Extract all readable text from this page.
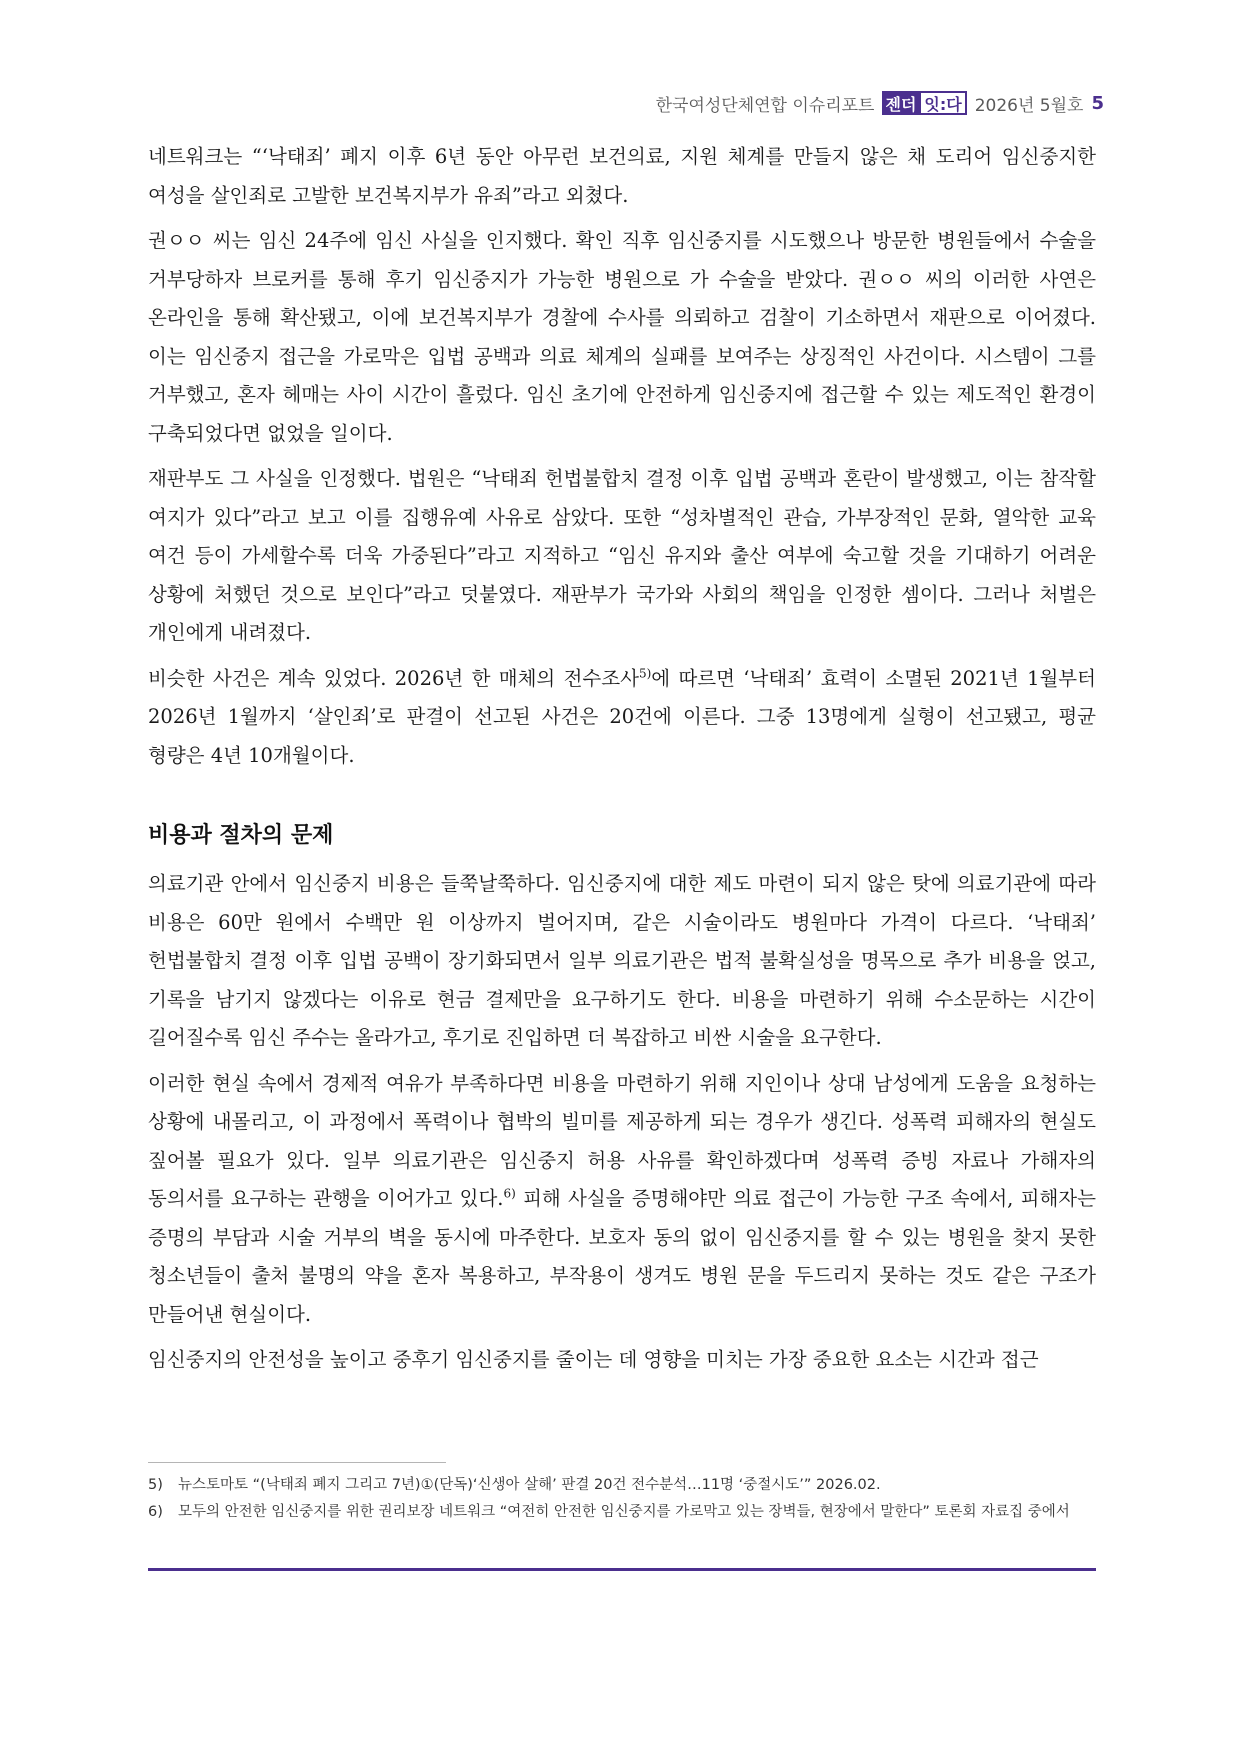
한국여성단체연합 이슈리포트 젠더 잇:다 2026년 5월호 5

네트워크는 “‘낙태죄’ 폐지 이후 6년 동안 아무런 보건의료, 지원 체계를 만들지 않은 채 도리어 임신중지한 여성을 살인죄로 고발한 보건복지부가 유죄”라고 외쳤다.

권ㅇㅇ 씨는 임신 24주에 임신 사실을 인지했다. 확인 직후 임신중지를 시도했으나 방문한 병원들에서 수술을 거부당하자 브로커를 통해 후기 임신중지가 가능한 병원으로 가 수술을 받았다. 권ㅇㅇ 씨의 이러한 사연은 온라인을 통해 확산됐고, 이에 보건복지부가 경찰에 수사를 의뢰하고 검찰이 기소하면서 재판으로 이어졌다. 이는 임신중지 접근을 가로막은 입법 공백과 의료 체계의 실패를 보여주는 상징적인 사건이다. 시스템이 그를 거부했고, 혼자 헤매는 사이 시간이 흘렀다. 임신 초기에 안전하게 임신중지에 접근할 수 있는 제도적인 환경이 구축되었다면 없었을 일이다.

재판부도 그 사실을 인정했다. 법원은 “낙태죄 헌법불합치 결정 이후 입법 공백과 혼란이 발생했고, 이는 참작할 여지가 있다”라고 보고 이를 집행유예 사유로 삼았다. 또한 “성차별적인 관습, 가부장적인 문화, 열악한 교육 여건 등이 가세할수록 더욱 가중된다”라고 지적하고 “임신 유지와 출산 여부에 숙고할 것을 기대하기 어려운 상황에 처했던 것으로 보인다”라고 덧붙였다. 재판부가 국가와 사회의 책임을 인정한 셈이다. 그러나 처벌은 개인에게 내려졌다.

비슷한 사건은 계속 있었다. 2026년 한 매체의 전수조사$^{5)}$에 따르면 ‘낙태죄’ 효력이 소멸된 2021년 1월부터 2026년 1월까지 ‘살인죄’로 판결이 선고된 사건은 20건에 이른다. 그중 13명에게 실형이 선고됐고, 평균 형량은 4년 10개월이다.

비용과 절차의 문제

의료기관 안에서 임신중지 비용은 들쭉날쭉하다. 임신중지에 대한 제도 마련이 되지 않은 탓에 의료기관에 따라 비용은 60만 원에서 수백만 원 이상까지 벌어지며, 같은 시술이라도 병원마다 가격이 다르다. ‘낙태죄’ 헌법불합치 결정 이후 입법 공백이 장기화되면서 일부 의료기관은 법적 불확실성을 명목으로 추가 비용을 얹고, 기록을 남기지 않겠다는 이유로 현금 결제만을 요구하기도 한다. 비용을 마련하기 위해 수소문하는 시간이 길어질수록 임신 주수는 올라가고, 후기로 진입하면 더 복잡하고 비싼 시술을 요구한다.

이러한 현실 속에서 경제적 여유가 부족하다면 비용을 마련하기 위해 지인이나 상대 남성에게 도움을 요청하는 상황에 내몰리고, 이 과정에서 폭력이나 협박의 빌미를 제공하게 되는 경우가 생긴다. 성폭력 피해자의 현실도 짚어볼 필요가 있다. 일부 의료기관은 임신중지 허용 사유를 확인하겠다며 성폭력 증빙 자료나 가해자의 동의서를 요구하는 관행을 이어가고 있다.$^{6)}$ 피해 사실을 증명해야만 의료 접근이 가능한 구조 속에서, 피해자는 증명의 부담과 시술 거부의 벽을 동시에 마주한다. 보호자 동의 없이 임신중지를 할 수 있는 병원을 찾지 못한 청소년들이 출처 불명의 약을 혼자 복용하고, 부작용이 생겨도 병원 문을 두드리지 못하는 것도 같은 구조가 만들어낸 현실이다.

임신중지의 안전성을 높이고 중후기 임신중지를 줄이는 데 영향을 미치는 가장 중요한 요소는 시간과 접근

5)	뉴스토마토 “(낙태죄 폐지 그리고 7년)①(단독)‘신생아 살해’ 판결 20건 전수분석…11명 ‘중절시도’” 2026.02.
6)	모두의 안전한 임신중지를 위한 권리보장 네트워크 “여전히 안전한 임신중지를 가로막고 있는 장벽들, 현장에서 말한다” 토론회 자료집 중에서
